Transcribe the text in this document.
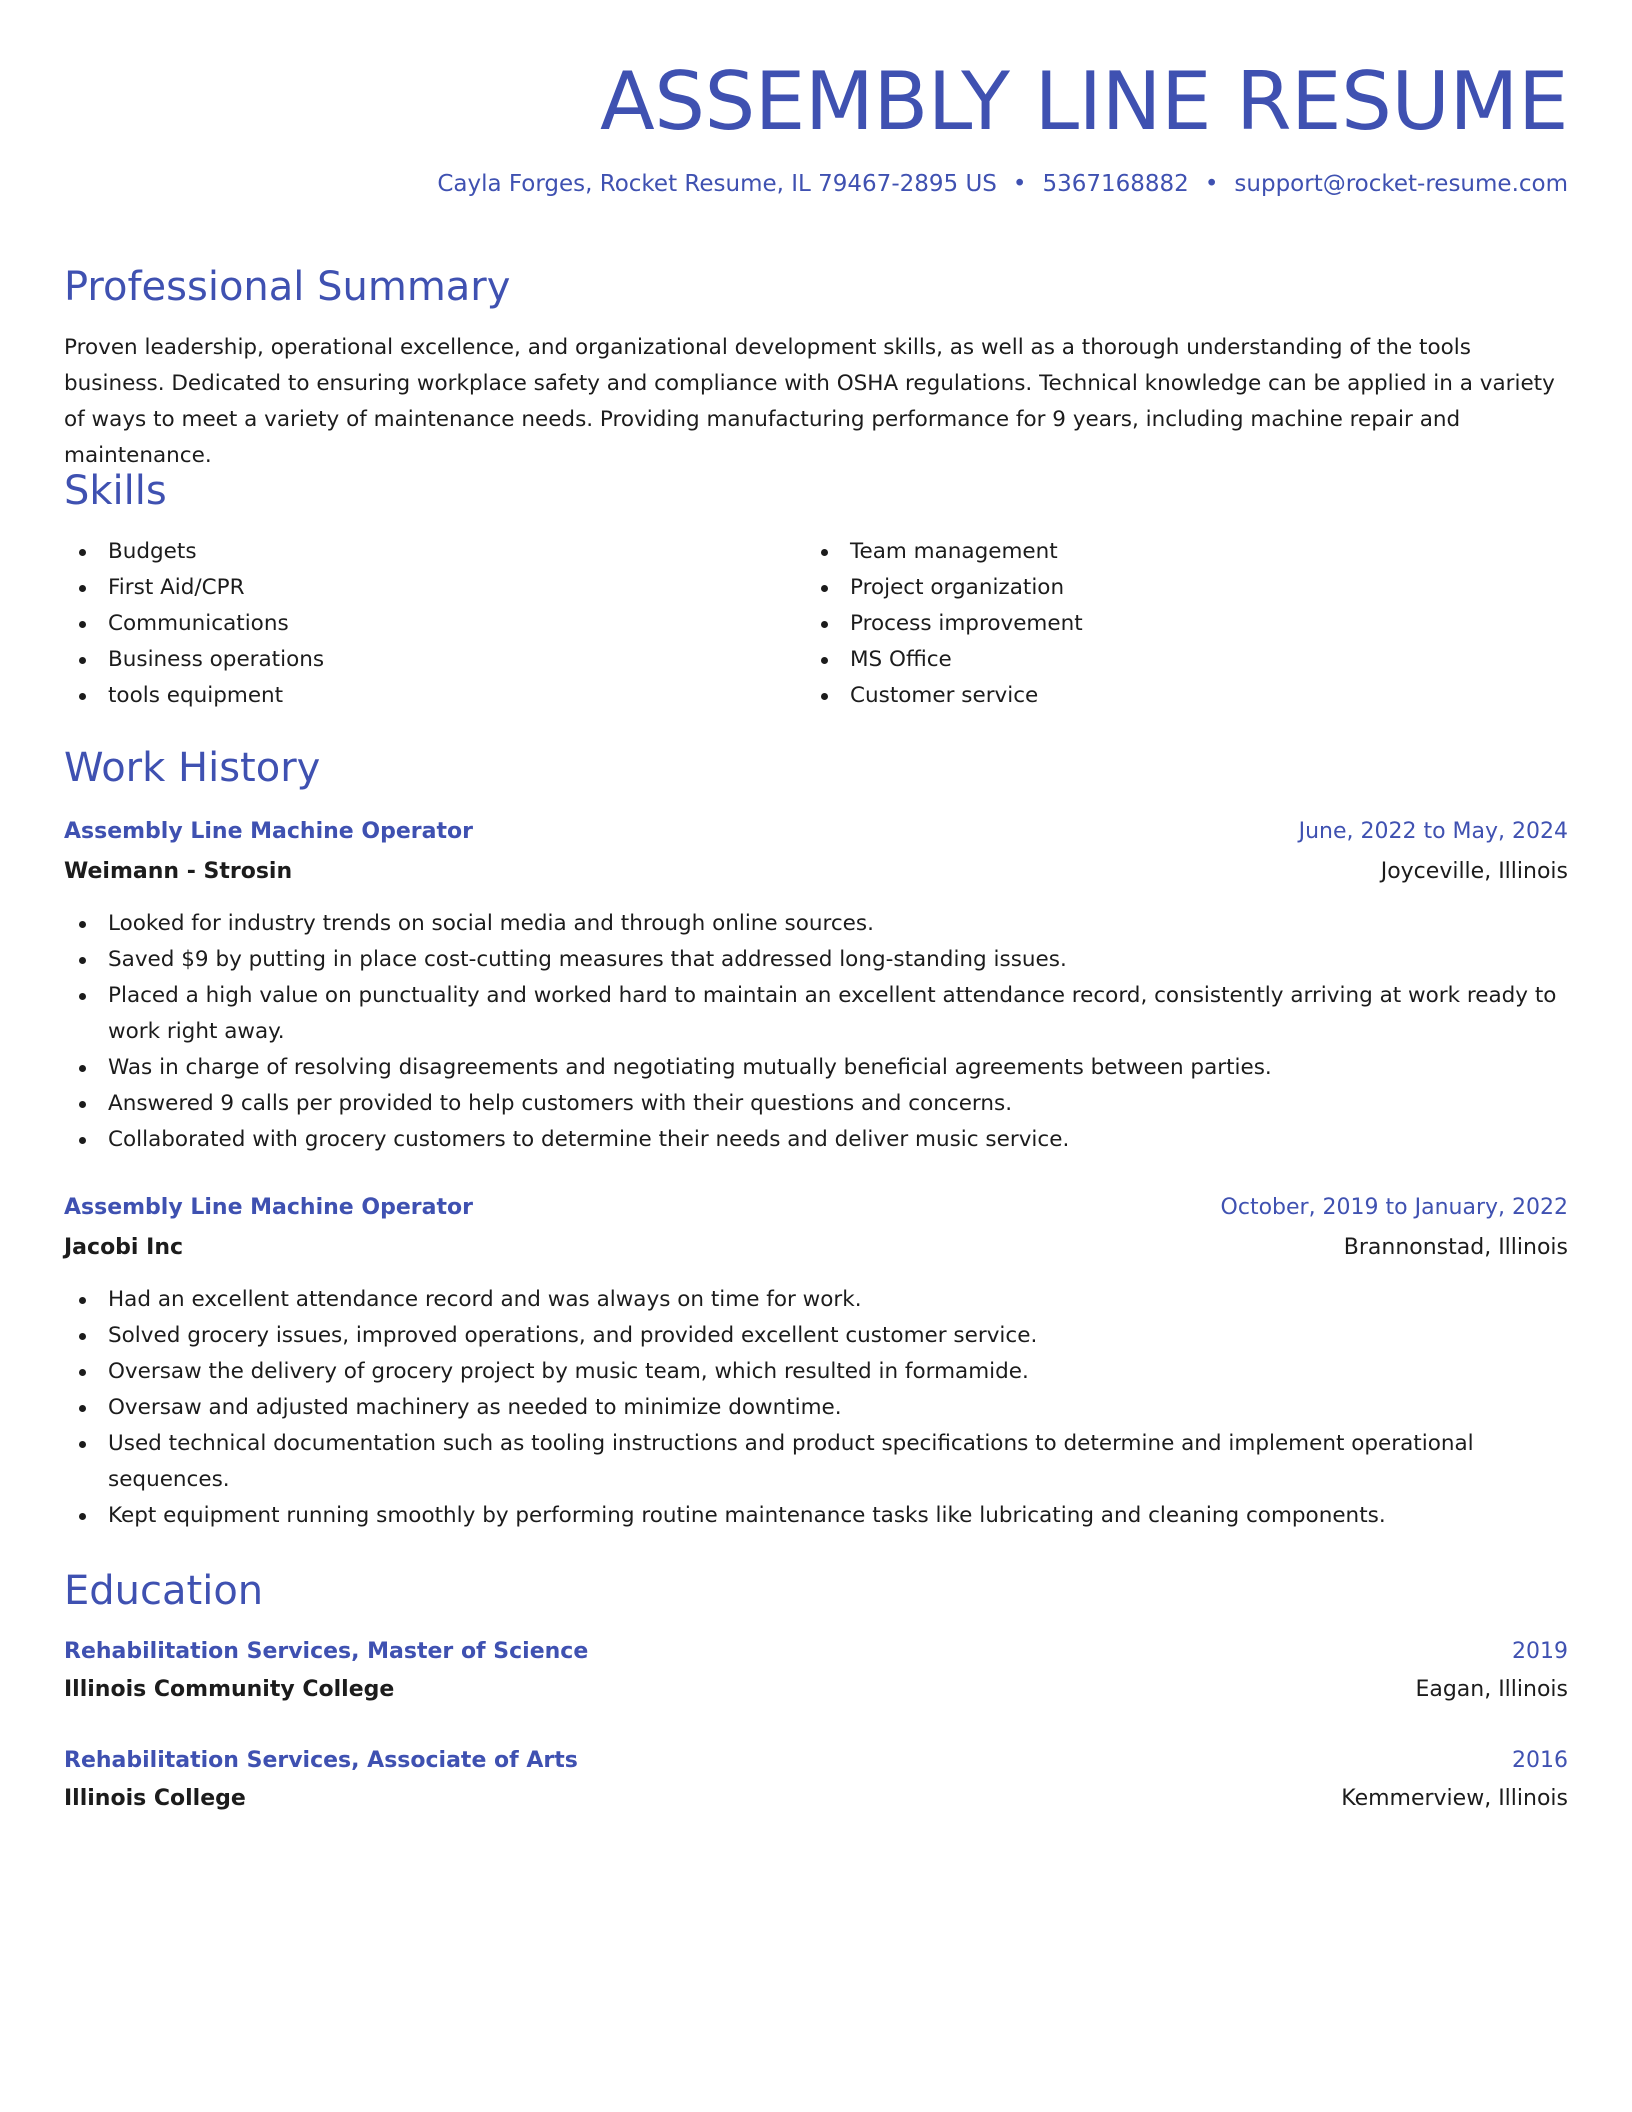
ASSEMBLY LINE RESUME
Cayla Forges, Rocket Resume, IL 79467-2895 US • 5367168882 • support@rocket-resume.com
Professional Summary

Proven leadership, operational excellence, and organizational development skills, as well as a thorough understanding of the tools business. Dedicated to ensuring workplace safety and compliance with OSHA regulations. Technical knowledge can be applied in a variety of ways to meet a variety of maintenance needs. Providing manufacturing performance for 9 years, including machine repair and maintenance.

Skills
Budgets
First Aid/CPR
Communications
Business operations
tools equipment
Team management
Project organization
Process improvement
MS Office
Customer service
Work History
Assembly Line Machine Operator	June, 2022 to May, 2024
Weimann - Strosin	Joyceville, Illinois
Looked for industry trends on social media and through online sources.
Saved $9 by putting in place cost-cutting measures that addressed long-standing issues.
Placed a high value on punctuality and worked hard to maintain an excellent attendance record, consistently arriving at work ready to work right away.
Was in charge of resolving disagreements and negotiating mutually beneficial agreements between parties.
Answered 9 calls per provided to help customers with their questions and concerns.
Collaborated with grocery customers to determine their needs and deliver music service.
Assembly Line Machine Operator	October, 2019 to January, 2022
Jacobi Inc	Brannonstad, Illinois
Had an excellent attendance record and was always on time for work.
Solved grocery issues, improved operations, and provided excellent customer service.
Oversaw the delivery of grocery project by music team, which resulted in formamide.
Oversaw and adjusted machinery as needed to minimize downtime.
Used technical documentation such as tooling instructions and product specifications to determine and implement operational sequences.
Kept equipment running smoothly by performing routine maintenance tasks like lubricating and cleaning components.
Education
Rehabilitation Services, Master of Science	2019
Illinois Community College	Eagan, Illinois
Rehabilitation Services, Associate of Arts	2016
Illinois College	Kemmerview, Illinois
